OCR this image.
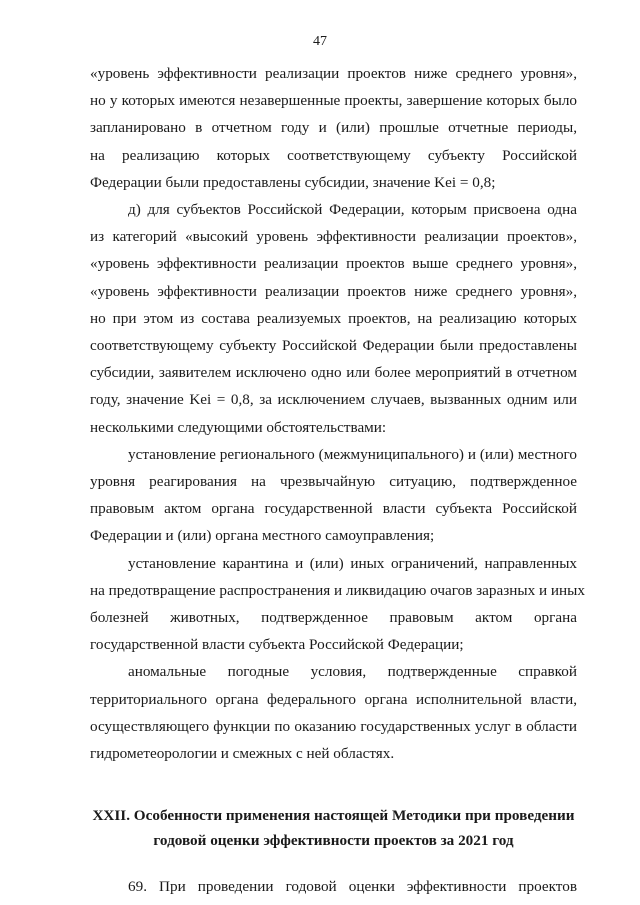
47

«уровень эффективности реализации проектов ниже среднего уровня»,
но у которых имеются незавершенные проекты, завершение которых было
запланировано в отчетном году и (или) прошлые отчетные периоды,
на реализацию которых соответствующему субъекту Российской
Федерации были предоставлены субсидии, значение Kei = 0,8;

д) для субъектов Российской Федерации, которым присвоена одна
из категорий «высокий уровень эффективности реализации проектов»,
«уровень эффективности реализации проектов выше среднего уровня»,
«уровень эффективности реализации проектов ниже среднего уровня»,
но при этом из состава реализуемых проектов, на реализацию которых
соответствующему субъекту Российской Федерации были предоставлены
субсидии, заявителем исключено одно или более мероприятий в отчетном
году, значение Kei = 0,8, за исключением случаев, вызванных одним или
несколькими следующими обстоятельствами:

установление регионального (межмуниципального) и (или) местного
уровня реагирования на чрезвычайную ситуацию, подтвержденное
правовым актом органа государственной власти субъекта Российской
Федерации и (или) органа местного самоуправления;

установление карантина и (или) иных ограничений, направленных
на предотвращение распространения и ликвидацию очагов заразных и иных
болезней животных, подтвержденное правовым актом органа
государственной власти субъекта Российской Федерации;

аномальные погодные условия, подтвержденные справкой
территориального органа федерального органа исполнительной власти,
осуществляющего функции по оказанию государственных услуг в области
гидрометеорологии и смежных с ней областях.

XXII. Особенности применения настоящей Методики при проведении
годовой оценки эффективности проектов за 2021 год

69. При проведении годовой оценки эффективности проектов
